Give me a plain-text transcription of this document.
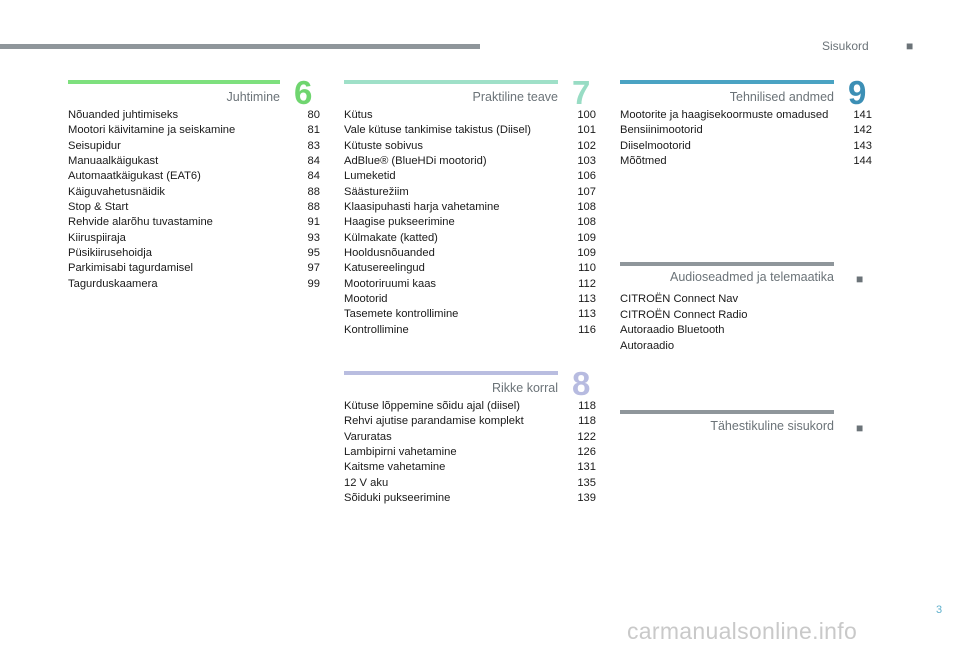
Sisukord	■
Juhtimine 6
Nõuanded juhtimiseks	80
Mootori käivitamine ja seiskamine	81
Seisupidur	83
Manuaalkäigukast	84
Automaatkäigukast (EAT6)	84
Käiguvahetusnäidik	88
Stop & Start	88
Rehvide alarõhu tuvastamine	91
Kiiruspiiraja	93
Püsikiirusehoidja	95
Parkimisabi tagurdamisel	97
Tagurduskaamera	99
Praktiline teave 7
Kütus	100
Vale kütuse tankimise takistus (Diisel)	101
Kütuste sobivus	102
AdBlue® (BlueHDi mootorid)	103
Lumeketid	106
Säästurežiim	107
Klaasipuhasti harja vahetamine	108
Haagise pukseerimine	108
Külmakate (katted)	109
Hooldusnõuanded	109
Katusereelingud	110
Mootoriruumi kaas	112
Mootorid	113
Tasemete kontrollimine	113
Kontrollimine	116
Rikke korral 8
Kütuse lõppemine sõidu ajal (diisel)	118
Rehvi ajutise parandamise komplekt	118
Varuratas	122
Lambipirni vahetamine	126
Kaitsme vahetamine	131
12 V aku	135
Sõiduki pukseerimine	139
Tehnilised andmed 9
Mootorite ja haagisekoormuste omadused 141
Bensiinimootorid	142
Diiselmootorid	143
Mõõtmed	144
Audioseadmed ja telemaatika ■
CITROËN Connect Nav
CITROËN Connect Radio
Autoraadio Bluetooth
Autoraadio
Tähestikuline sisukord ■
3
carmanualsonline.info
